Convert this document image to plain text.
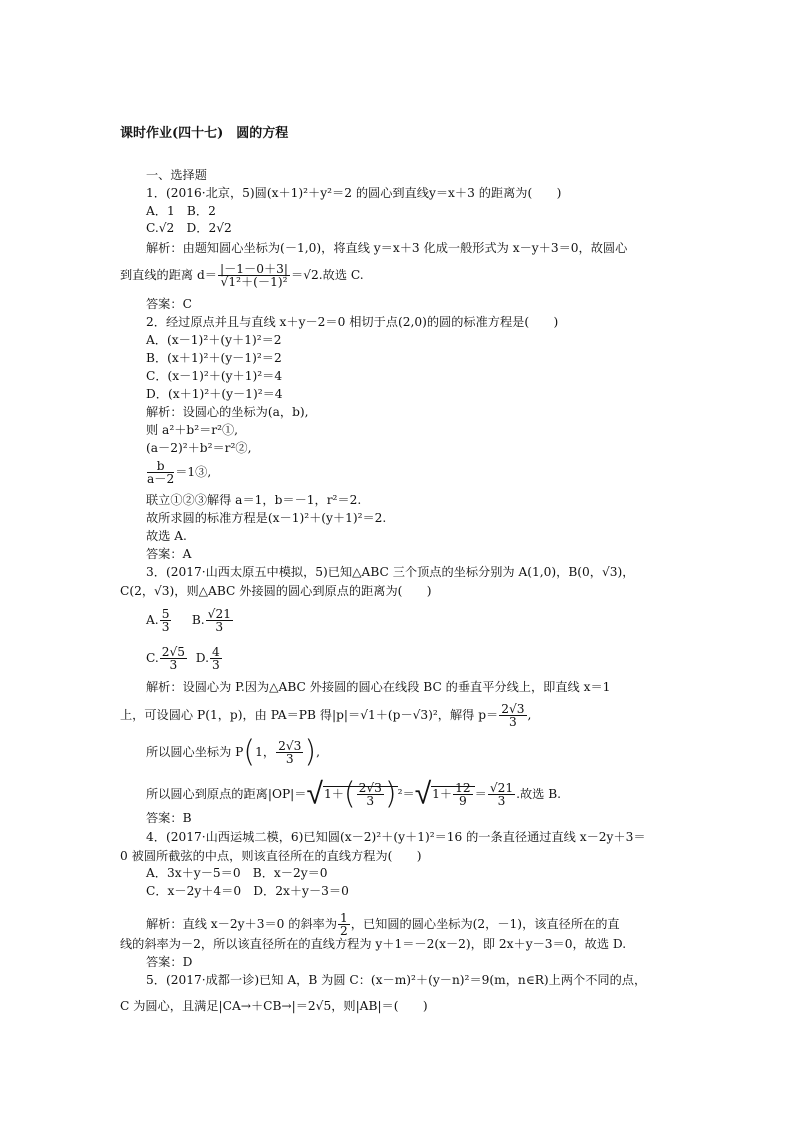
课时作业(四十七)　圆的方程
一、选择题
1．(2016·北京，5)圆(x＋1)²＋y²＝2 的圆心到直线y＝x＋3 的距离为(　　)
A．1　B．2
C.√2　 D．2√2
解析：由题知圆心坐标为(－1,0)，将直线 y＝x＋3 化成一般形式为 x－y＋3＝0，故圆心
到直线的距离 $d= \frac{|-1-0+3|}{\text{√1²＋(－1)²}} =√2$.故选 C.
答案：C
2．经过原点并且与直线 x＋y－2＝0 相切于点(2,0)的圆的标准方程是(　　)
A．(x－1)²＋(y＋1)²＝2
B．(x＋1)²＋(y－1)²＝2
C．(x－1)²＋(y＋1)²＝4
D．(x＋1)²＋(y－1)²＝4
解析：设圆心的坐标为(a，b),
则 a²＋b²＝r²①,
(a－2)²＋b²＝r²②,
$\frac{b}{a-2}$ ＝1③,
联立①②③解得 a＝1，b＝－1，r²＝2.
故所求圆的标准方程是(x－1)²＋(y＋1)²＝2.
故选 A.
答案：A
3．(2017·山西太原五中模拟，5)已知△ABC 三个顶点的坐标分别为 A(1,0)，B(0，√3)，
C(2，√3)，则△ABC 外接圆的圆心到原点的距离为(　　)
A. $\frac{5}{3} B$. $\frac{√21}{3}$
C. $\frac{2√5}{3} D$. $\frac{4}{3}$
解析：设圆心为 P.因为△ABC 外接圆的圆心在线段 BC 的垂直平分线上，即直线 x＝1
上，可设圆心 P(1，p)，由 PA＝PB 得|p|＝√1＋(p－√3)²，解得 $p= \frac{2√3}{3}$ ,
所以圆心坐标为 P(1， $\frac{2√3}{3}$ ),
所以圆心到原点的距离$|OP|=√1+( \frac{2√3}{3} )^2=√1+ \frac{12}{9} = \frac{√21}{3}$ .故选 B.
答案：B
4．(2017·山西运城二模，6)已知圆(x－2)²＋(y＋1)²＝16 的一条直径通过直线 x－2y＋3＝
0 被圆所截弦的中点，则该直径所在的直线方程为(　　)
A．3x＋y－5＝0　B．x－2y＝0
C．x－2y＋4＝0　D．2x＋y－3＝0
解析：直线 x－2y＋3＝0 的斜率为 $\frac{1}{2}$ ，已知圆的圆心坐标为(2，－1)，该直径所在的直
线的斜率为－2，所以该直径所在的直线方程为 y＋1＝－2(x－2)，即 2x＋y－3＝0，故选 D.
答案：D
5．(2017·成都一诊)已知 A，B 为圆 C：(x－m)²＋(y－n)²＝9(m，n∈R)上两个不同的点，
C 为圆心，且满足|CA→＋CB→|＝2√5，则|AB|＝(　　)
